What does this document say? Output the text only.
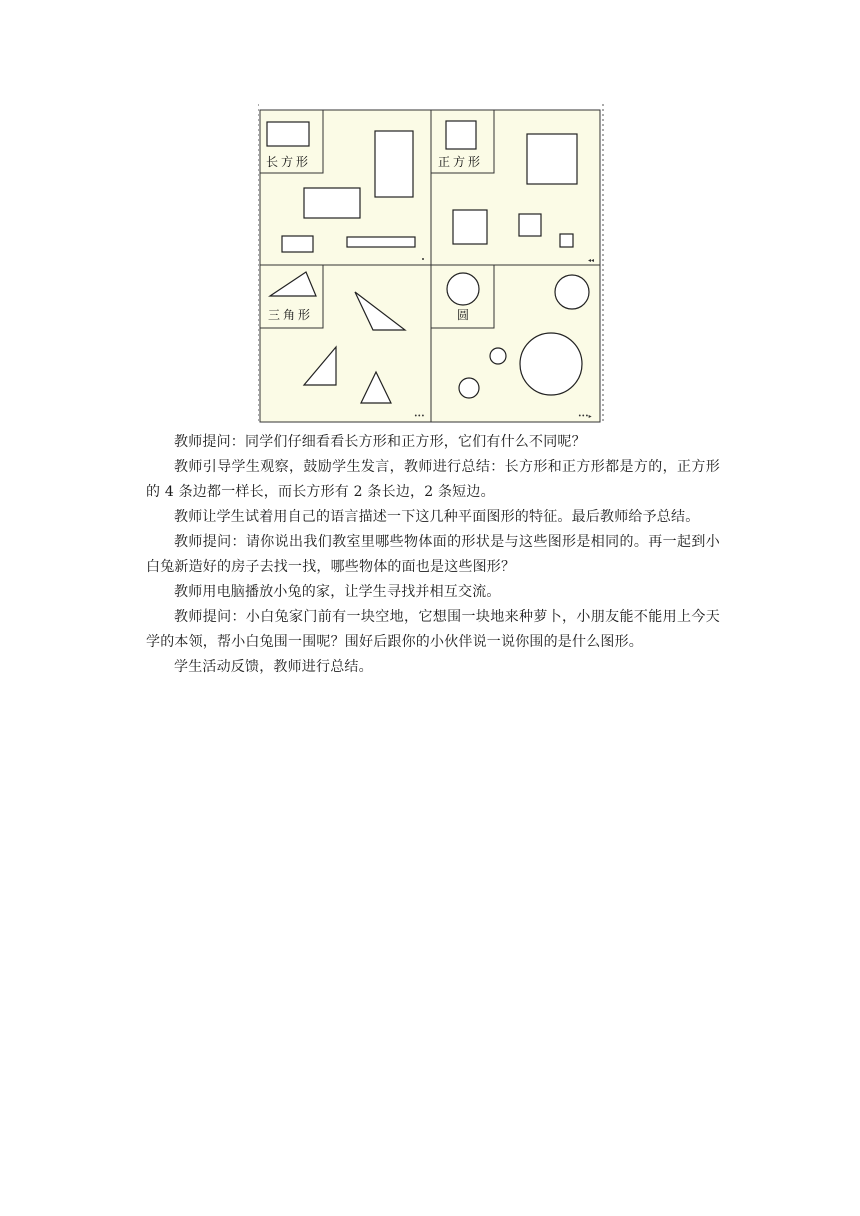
长方形	正方形
◂◂
三角形
•••
圆
•••▸

教师提问：同学们仔细看看长方形和正方形，它们有什么不同呢？

教师引导学生观察，鼓励学生发言，教师进行总结：长方形和正方形都是方的，正方形的 4 条边都一样长，而长方形有 2 条长边，2 条短边。

教师让学生试着用自己的语言描述一下这几种平面图形的特征。最后教师给予总结。

教师提问：请你说出我们教室里哪些物体面的形状是与这些图形是相同的。再一起到小白兔新造好的房子去找一找，哪些物体的面也是这些图形？

教师用电脑播放小兔的家，让学生寻找并相互交流。

教师提问：小白兔家门前有一块空地，它想围一块地来种萝卜，小朋友能不能用上今天学的本领，帮小白兔围一围呢？围好后跟你的小伙伴说一说你围的是什么图形。

学生活动反馈，教师进行总结。
